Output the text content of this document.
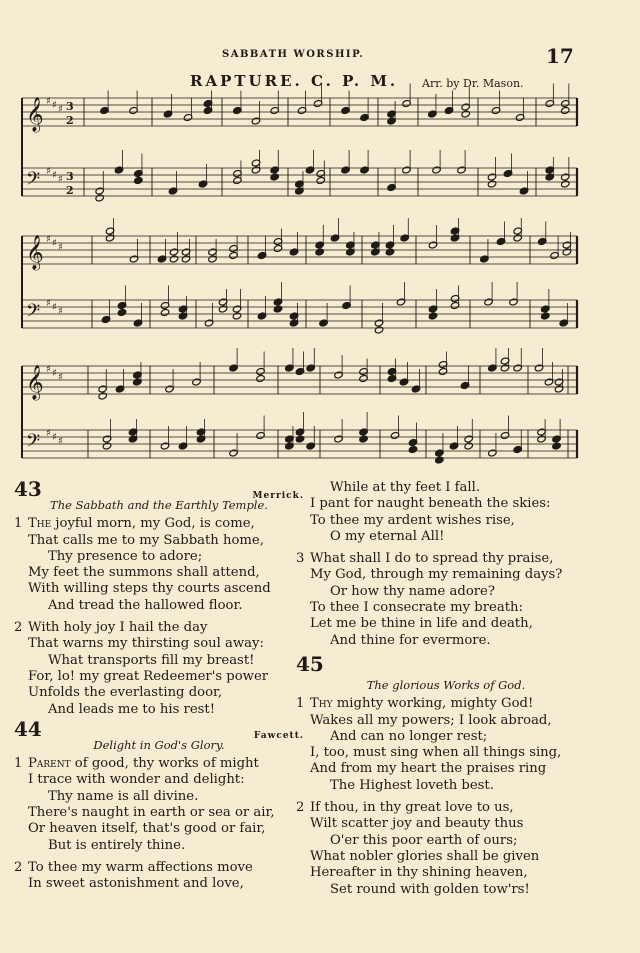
SABBATH WORSHIP.	17
RAPTURE. C. P. M. Arr. by Dr. Mason.
𝄞 ♯ ♯ ♯ 3
2
𝄢 ♯ ♯ ♯ 3
2
𝄞 ♯ ♯ ♯
𝄢 ♯ ♯ ♯
𝄞 ♯ ♯ ♯
𝄢 ♯ ♯ ♯
43	Merrick.
The Sabbath and the Earthly Temple.
1 The joyful morn, my God, is come,
That calls me to my Sabbath home,
Thy presence to adore;
My feet the summons shall attend,
With willing steps thy courts ascend
And tread the hallowed floor.
2 With holy joy I hail the day
That warns my thirsting soul away:
What transports fill my breast!
For, lo! my great Redeemer's power
Unfolds the everlasting door,
And leads me to his rest!
44	Fawcett.
Delight in God's Glory.
1 Parent of good, thy works of might
I trace with wonder and delight:
Thy name is all divine.
There's naught in earth or sea or air,
Or heaven itself, that's good or fair,
But is entirely thine.
2 To thee my warm affections move
In sweet astonishment and love,
While at thy feet I fall.
I pant for naught beneath the skies:
To thee my ardent wishes rise,
O my eternal All!
3 What shall I do to spread thy praise,
My God, through my remaining days?
Or how thy name adore?
To thee I consecrate my breath:
Let me be thine in life and death,
And thine for evermore.
45
The glorious Works of God.
1 Thy mighty working, mighty God!
Wakes all my powers; I look abroad,
And can no longer rest;
I, too, must sing when all things sing,
And from my heart the praises ring
The Highest loveth best.
2 If thou, in thy great love to us,
Wilt scatter joy and beauty thus
O'er this poor earth of ours;
What nobler glories shall be given
Hereafter in thy shining heaven,
Set round with golden tow'rs!
